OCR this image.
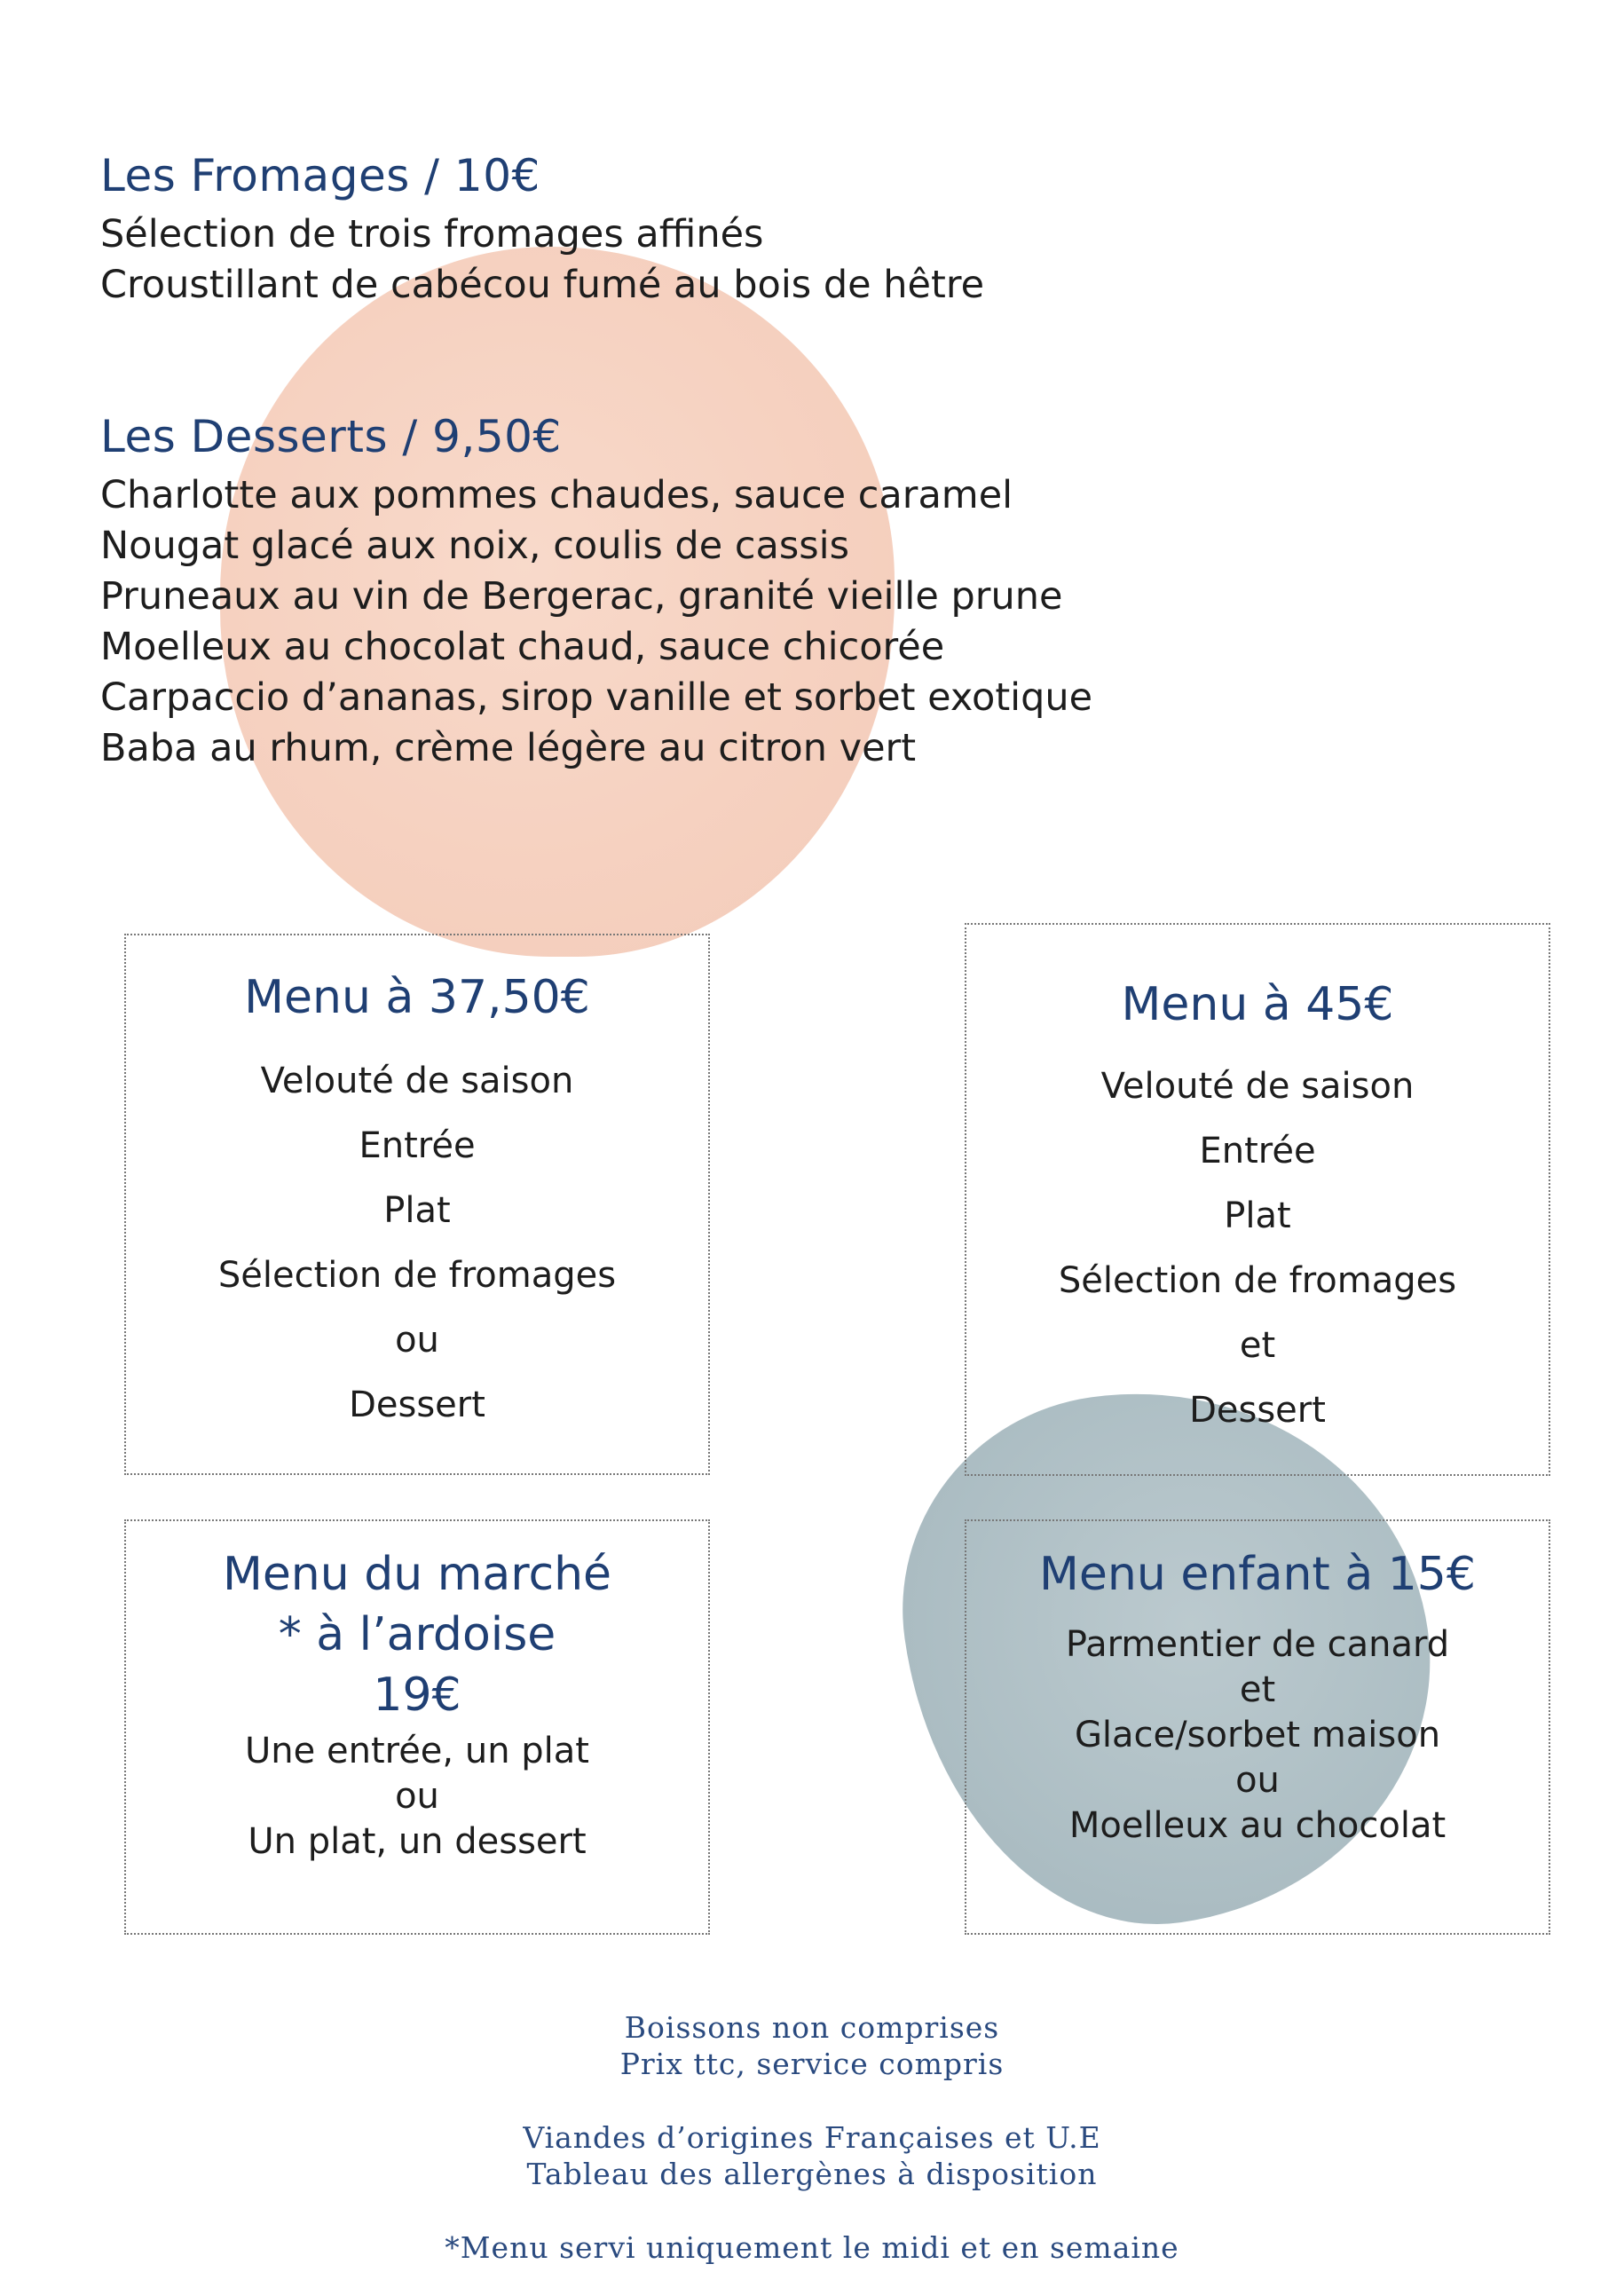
Les Fromages / 10€
Sélection de trois fromages affinés
Croustillant de cabécou fumé au bois de hêtre
Les Desserts / 9,50€
Charlotte aux pommes chaudes, sauce caramel
Nougat glacé aux noix, coulis de cassis
Pruneaux au vin de Bergerac, granité vieille prune
Moelleux au chocolat chaud, sauce chicorée
Carpaccio d’ananas, sirop vanille et sorbet exotique
Baba au rhum, crème légère au citron vert
Menu à 37,50€
Velouté de saison
Entrée
Plat
Sélection de fromages
ou
Dessert
Menu à 45€
Velouté de saison
Entrée
Plat
Sélection de fromages
et
Dessert
Menu du marché
* à l’ardoise
19€
Une entrée, un plat
ou
Un plat, un dessert
Menu enfant à 15€
Parmentier de canard
et
Glace/sorbet maison
ou
Moelleux au chocolat
Boissons non comprises
Prix ttc, service compris
Viandes d’origines Françaises et U.E
Tableau des allergènes à disposition
*Menu servi uniquement le midi et en semaine
